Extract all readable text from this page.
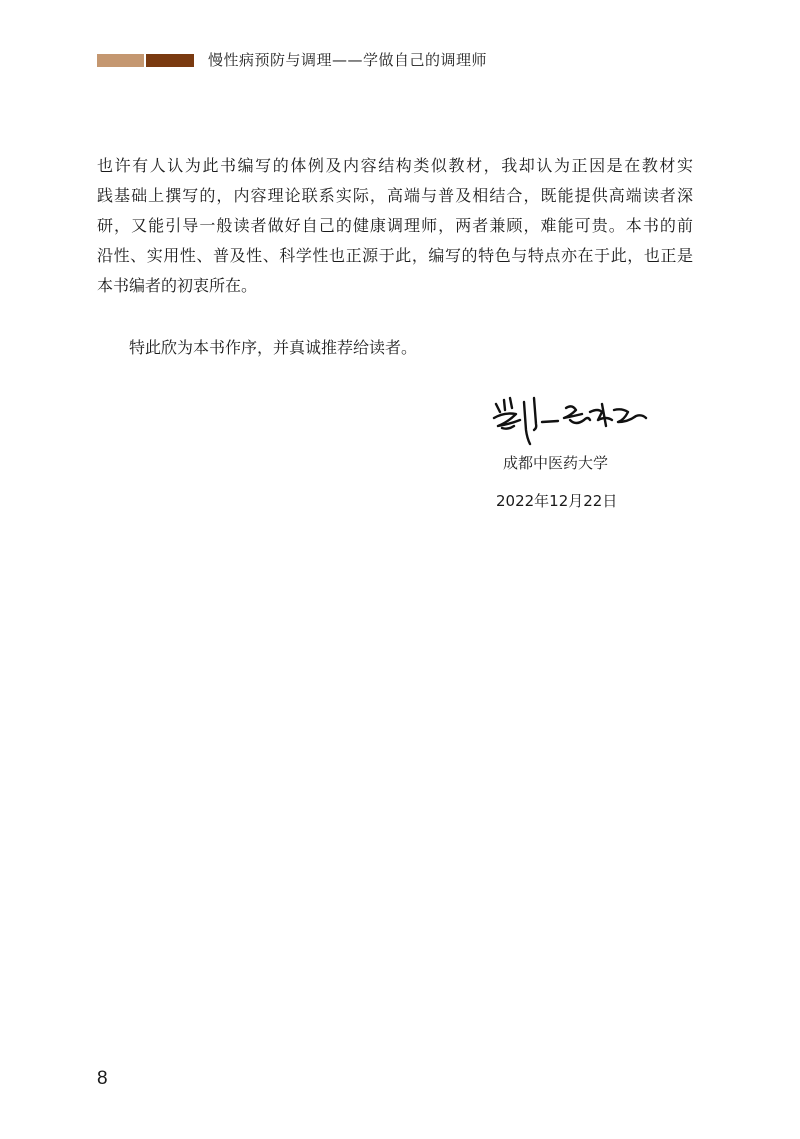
慢性病预防与调理——学做自己的调理师
也许有人认为此书编写的体例及内容结构类似教材，我却认为正因是在教材实
践基础上撰写的，内容理论联系实际，高端与普及相结合，既能提供高端读者深
研，又能引导一般读者做好自己的健康调理师，两者兼顾，难能可贵。本书的前
沿性、实用性、普及性、科学性也正源于此，编写的特色与特点亦在于此，也正是
本书编者的初衷所在。
特此欣为本书作序，并真诚推荐给读者。
成都中医药大学
2022年12月22日
8
